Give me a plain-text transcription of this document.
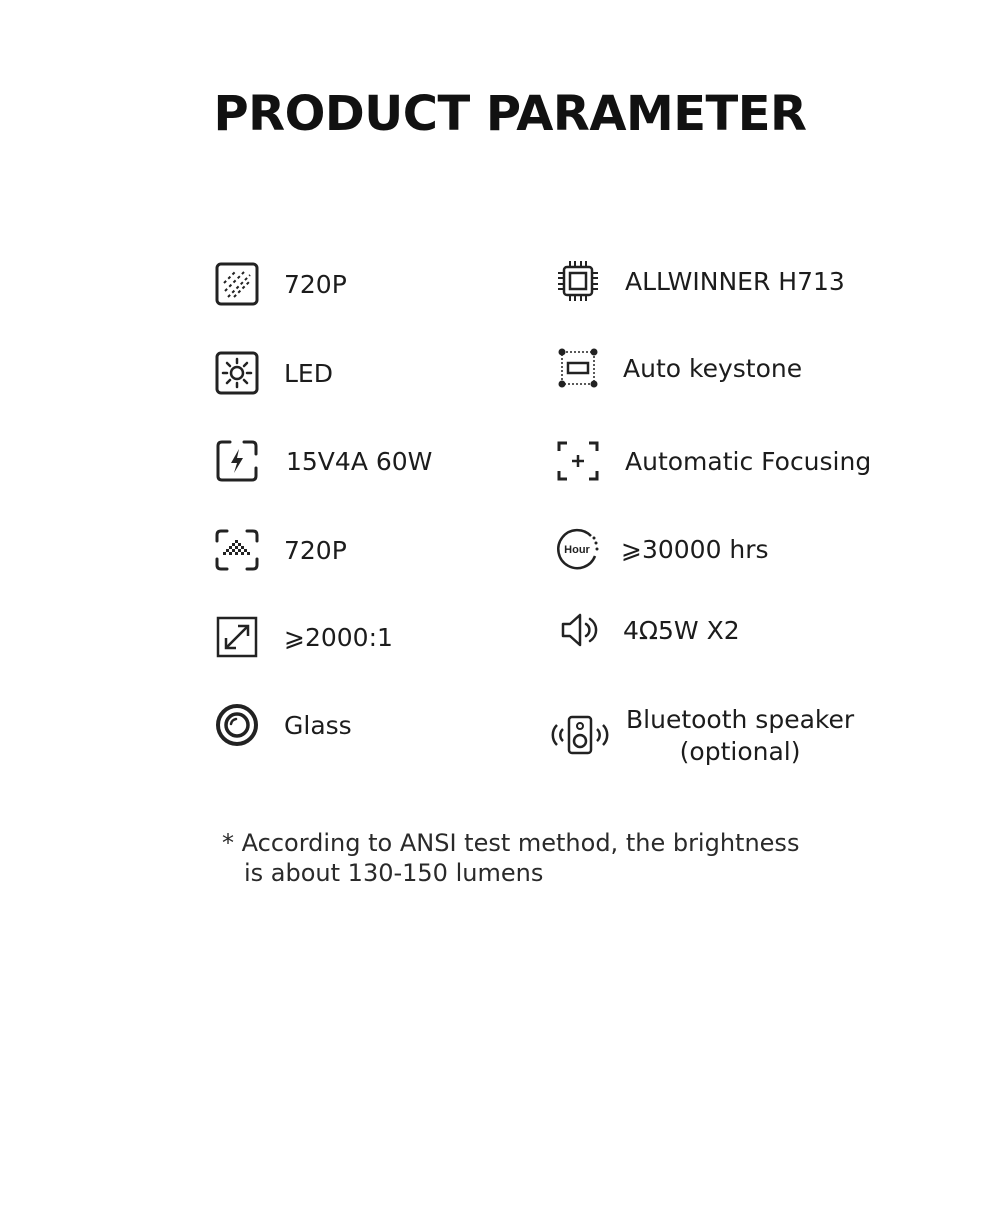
PRODUCT PARAMETER
720P
LED
15V4A 60W
720P
⩾2000:1
Glass
ALLWINNER H713
Auto keystone
Automatic Focusing
Hour ⩾30000 hrs
4Ω5W X2
Bluetooth speaker
(optional)
* According to ANSI test method, the brightness
is about 130-150 lumens
